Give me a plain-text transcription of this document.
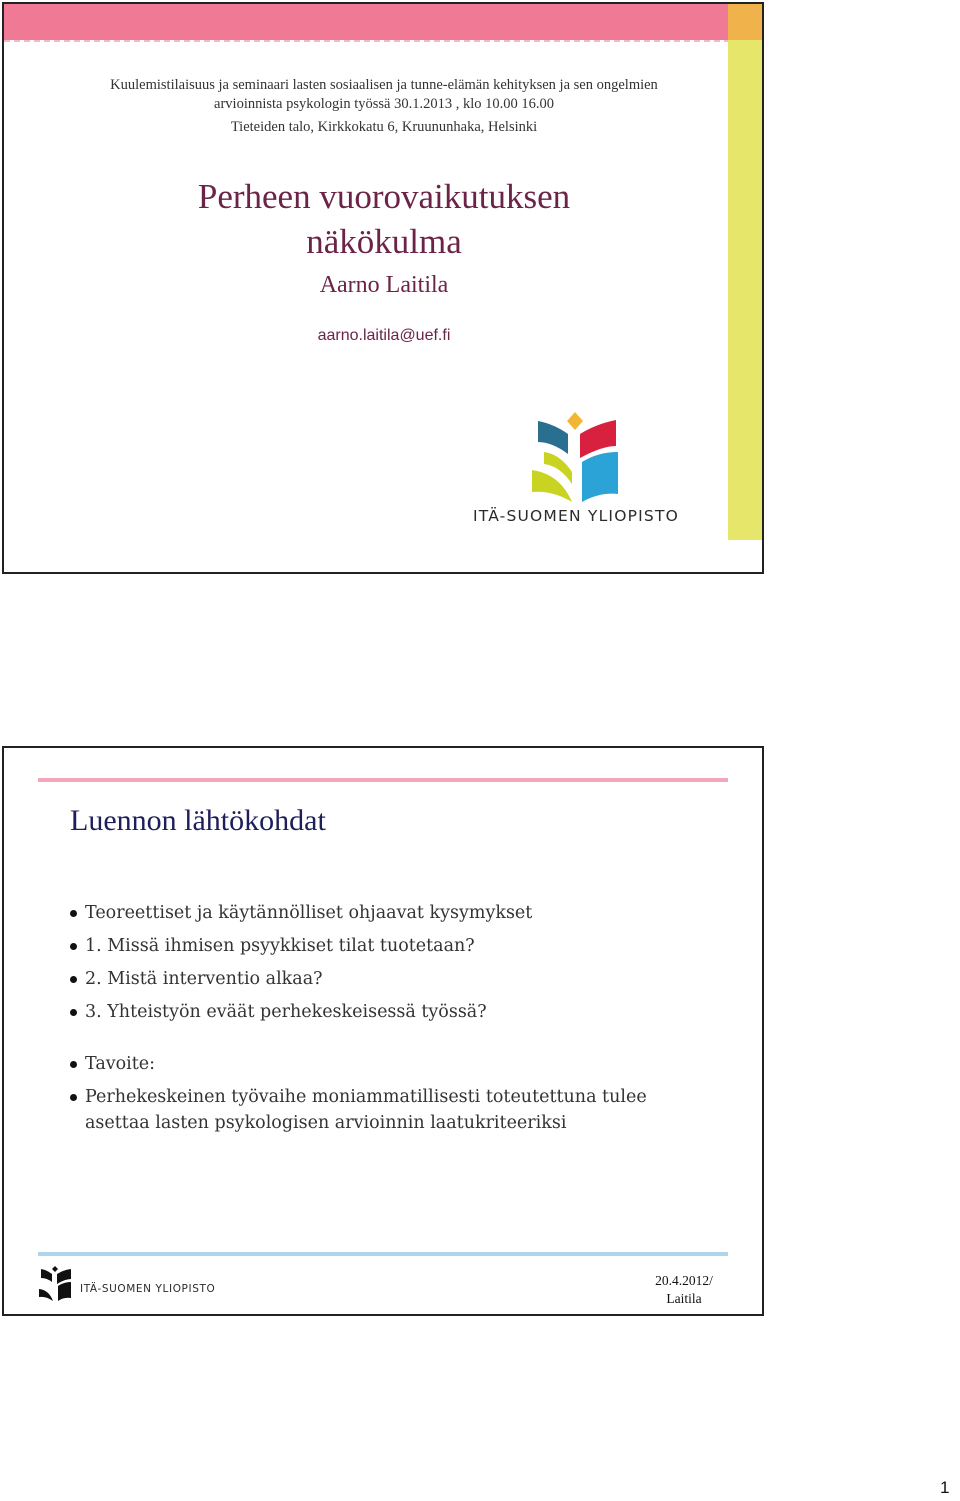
Kuulemistilaisuus ja seminaari lasten sosiaalisen ja tunne-elämän kehityksen ja sen ongelmien
arvioinnista psykologin työssä 30.1.2013 , klo 10.00 16.00
Tieteiden talo, Kirkkokatu 6, Kruununhaka, Helsinki
Perheen vuorovaikutuksen
näkökulma
Aarno Laitila
aarno.laitila@uef.fi
ITÄ-SUOMEN YLIOPISTO
Luennon lähtökohdat
Teoreettiset ja käytännölliset ohjaavat kysymykset
1. Missä ihmisen psyykkiset tilat tuotetaan?
2. Mistä interventio alkaa?
3. Yhteistyön eväät perhekeskeisessä työssä?
Tavoite:
Perhekeskeinen työvaihe moniammatillisesti toteutettuna tulee asettaa lasten psykologisen arvioinnin laatukriteeriksi
ITÄ-SUOMEN YLIOPISTO
20.4.2012/
Laitila
1
